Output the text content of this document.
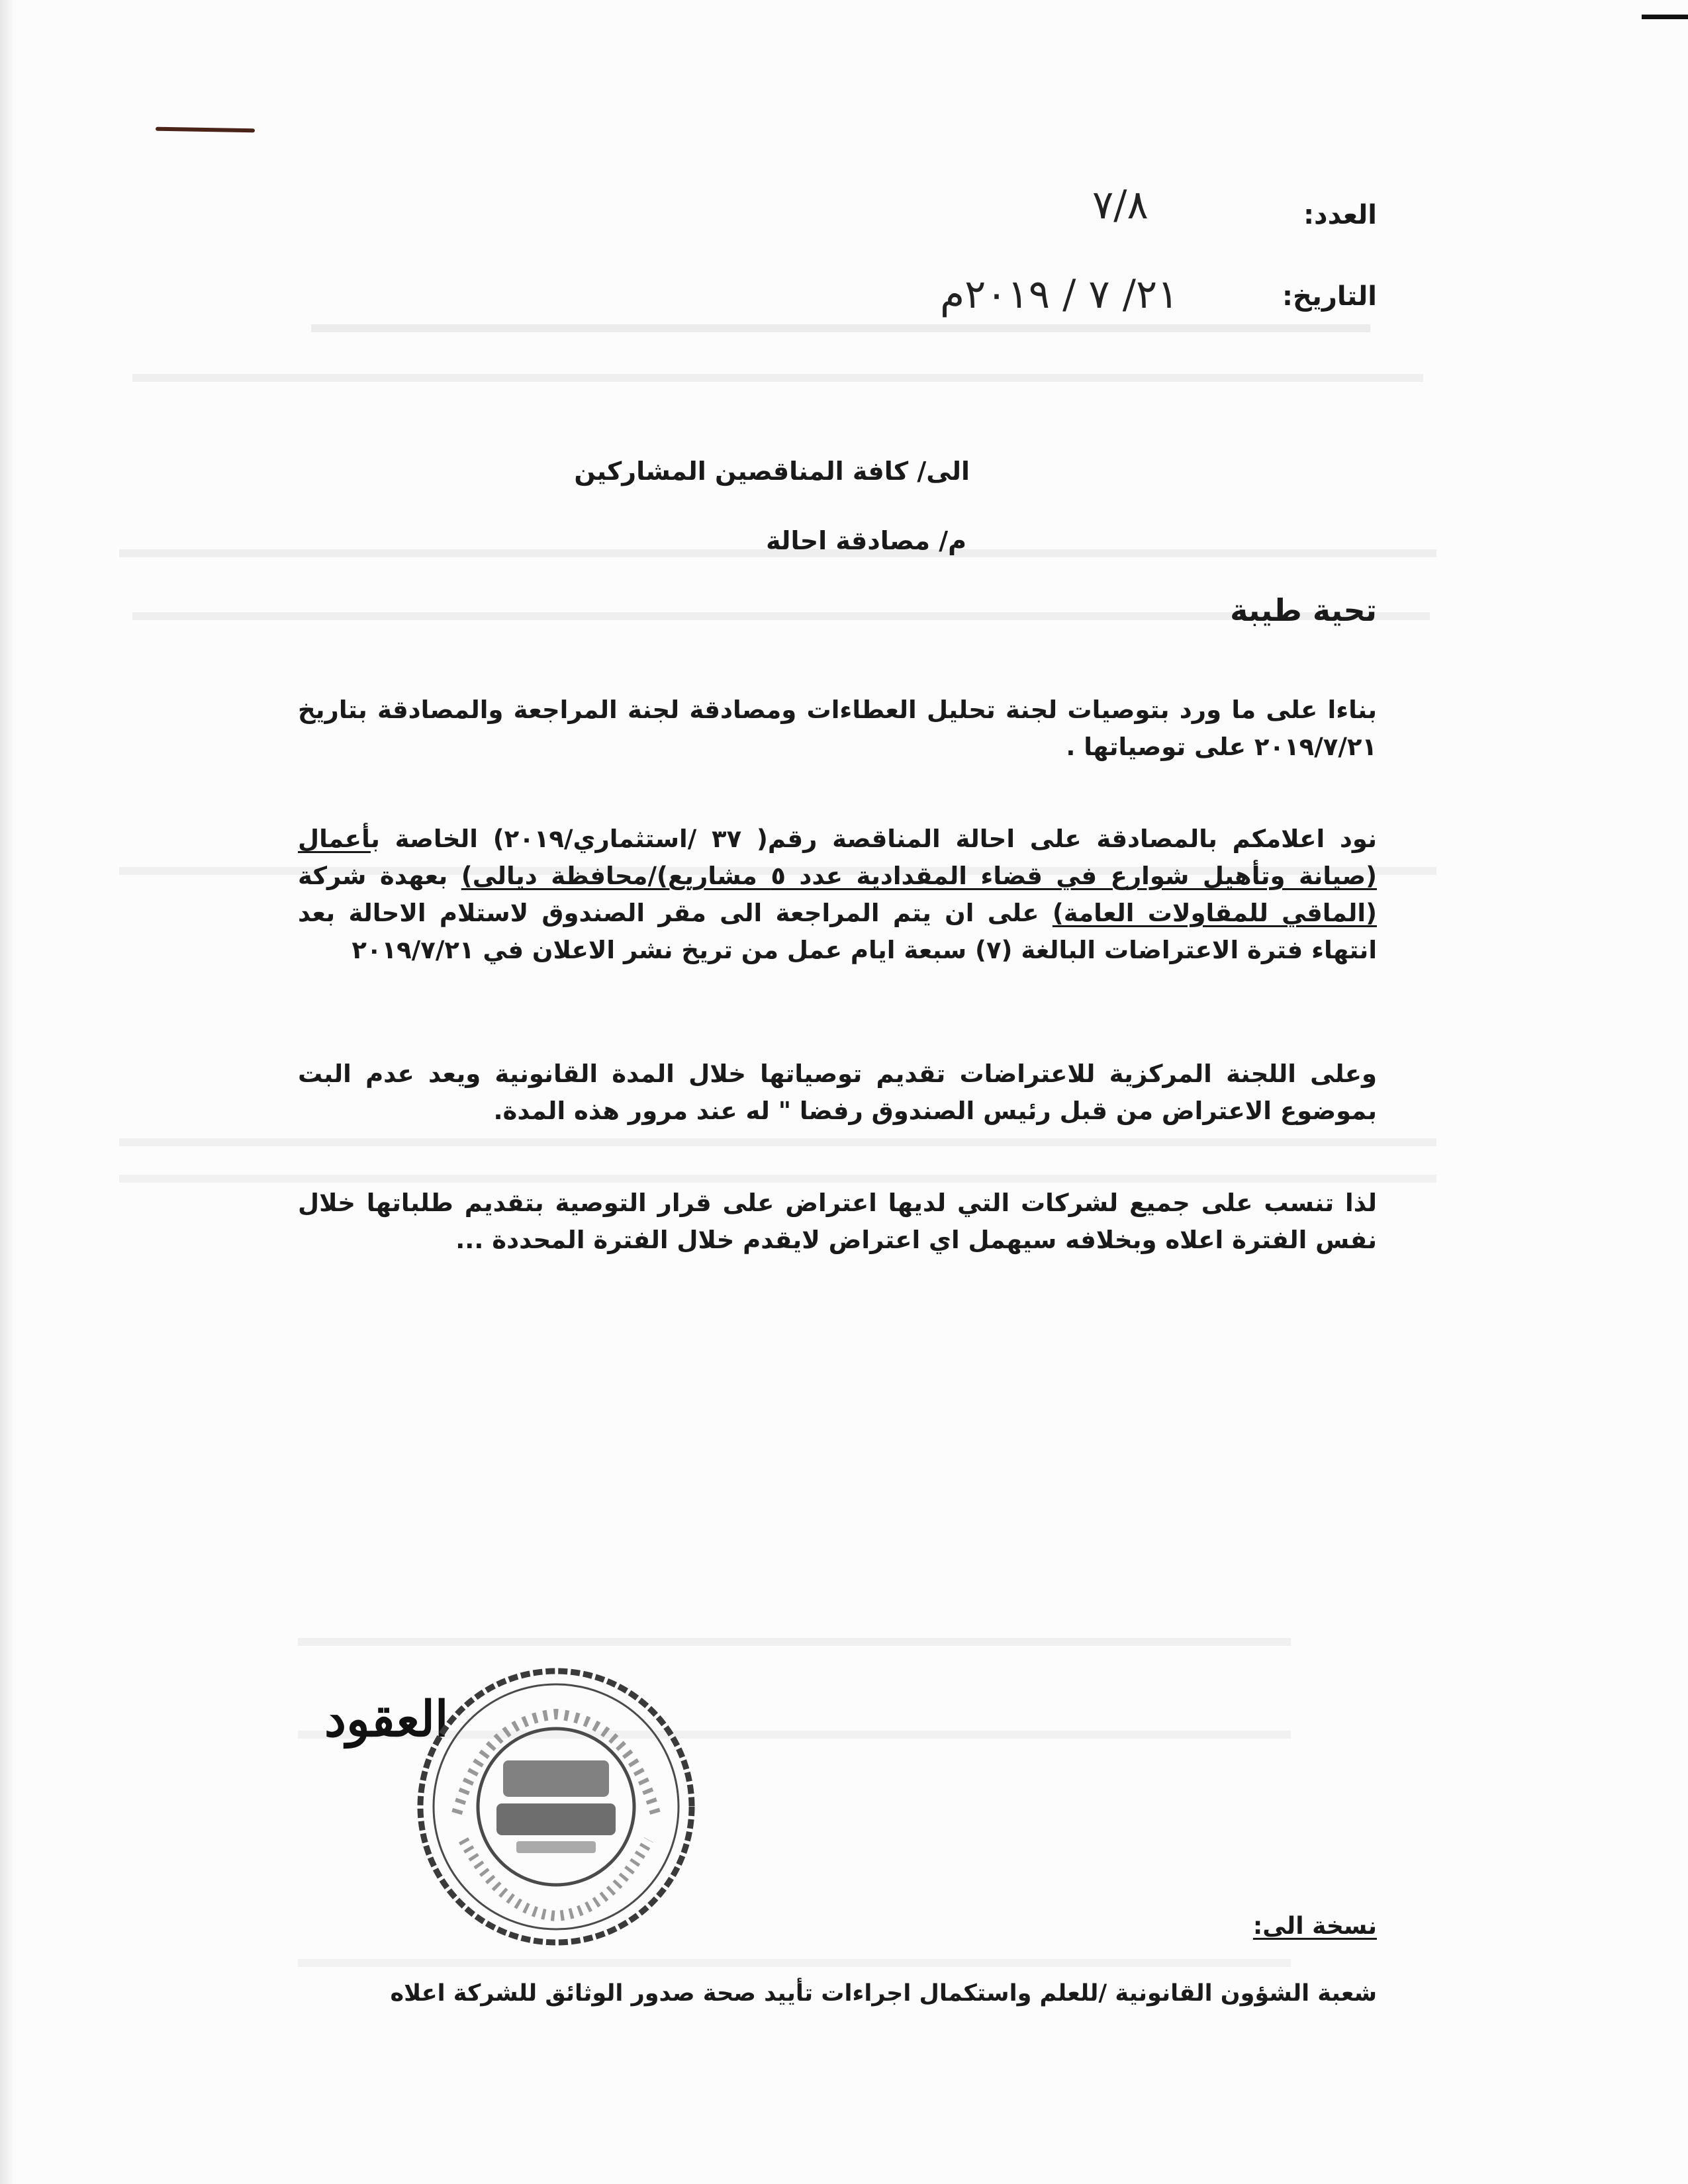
العدد:
٧/٨
التاريخ:
٢١/ ٧ / ٢٠١٩م
الى/ كافة المناقصين المشاركين
م/ مصادقة احالة
تحية طيبة

بناءا على ما ورد بتوصيات لجنة تحليل العطاءات ومصادقة لجنة المراجعة والمصادقة بتاريخ ٢٠١٩/٧/٢١ على توصياتها .

نود اعلامكم بالمصادقة على احالة المناقصة رقم( ٣٧ /استثماري/٢٠١٩) الخاصة بأعمال (صيانة وتأهيل شوارع في قضاء المقدادية عدد ٥ مشاريع)/محافظة ديالى) بعهدة شركة (الماقي للمقاولات العامة) على ان يتم المراجعة الى مقر الصندوق لاستلام الاحالة بعد انتهاء فترة الاعتراضات البالغة (٧) سبعة ايام عمل من تريخ نشر الاعلان في ٢٠١٩/٧/٢١

وعلى اللجنة المركزية للاعتراضات تقديم توصياتها خلال المدة القانونية ويعد عدم البت بموضوع الاعتراض من قبل رئيس الصندوق رفضا " له عند مرور هذه المدة.

لذا تنسب على جميع لشركات التي لديها اعتراض على قرار التوصية بتقديم طلباتها خلال نفس الفترة اعلاه وبخلافه سيهمل اي اعتراض لايقدم خلال الفترة المحددة ...

العقود
نسخة الى:
شعبة الشؤون القانونية /للعلم واستكمال اجراءات تأييد صحة صدور الوثائق للشركة اعلاه
